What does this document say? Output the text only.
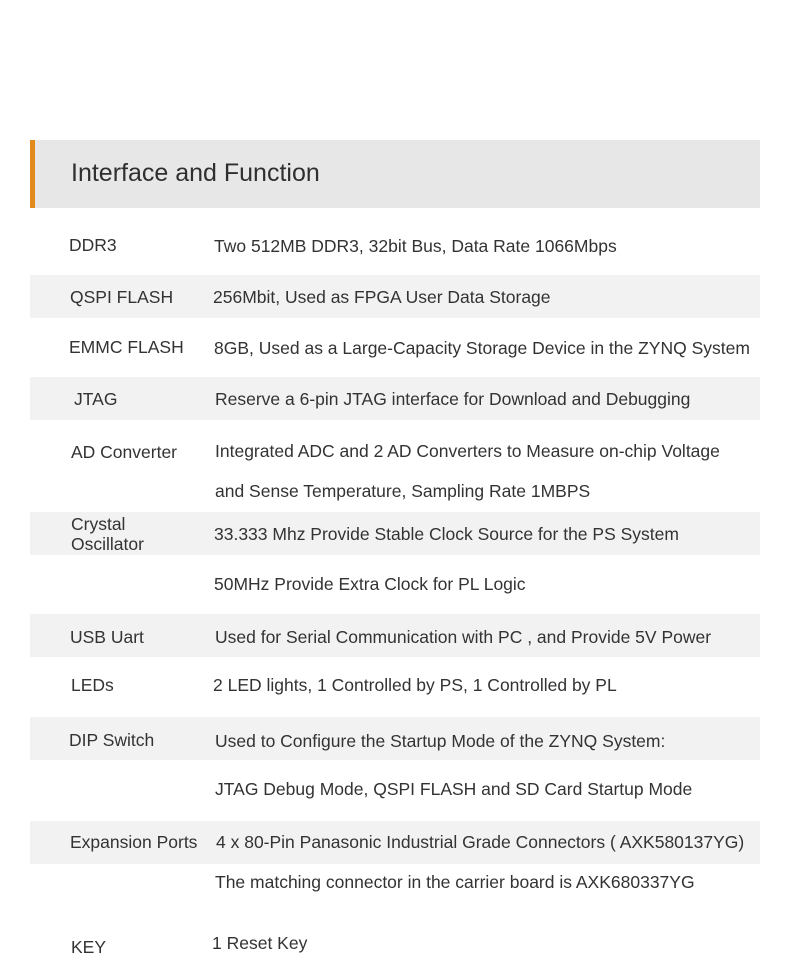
Interface and Function
DDR3	Two 512MB DDR3, 32bit Bus, Data Rate 1066Mbps
QSPI FLASH 256Mbit, Used as FPGA User Data Storage
EMMC FLASH 8GB, Used as a Large-Capacity Storage Device in the ZYNQ System
JTAG	Reserve a 6-pin JTAG interface for Download and Debugging
AD Converter Integrated ADC and 2 AD Converters to Measure on-chip Voltage
and Sense Temperature, Sampling Rate 1MBPS
Crystal
Oscillator	33.333 Mhz Provide Stable Clock Source for the PS System
50MHz Provide Extra Clock for PL Logic
USB Uart	Used for Serial Communication with PC , and Provide 5V Power
LEDs	2 LED lights, 1 Controlled by PS, 1 Controlled by PL
DIP Switch	Used to Configure the Startup Mode of the ZYNQ System:
JTAG Debug Mode, QSPI FLASH and SD Card Startup Mode
Expansion Ports 4 x 80-Pin Panasonic Industrial Grade Connectors ( AXK580137YG)
The matching connector in the carrier board is AXK680337YG
KEY	1 Reset Key
